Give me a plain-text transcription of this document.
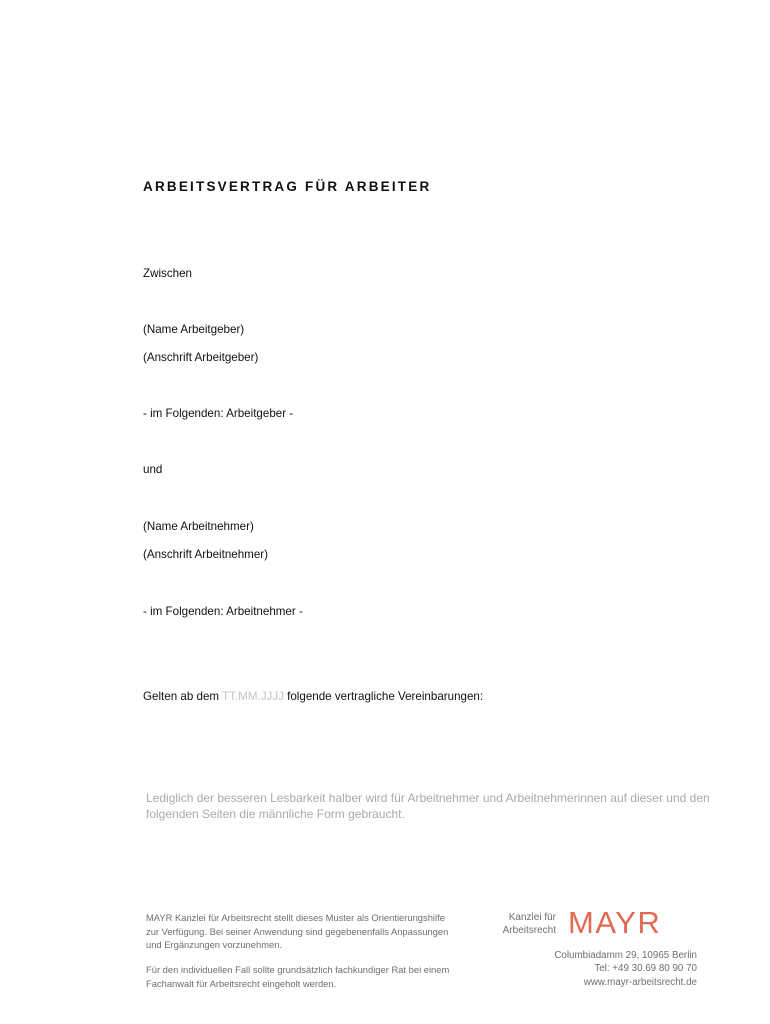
ARBEITSVERTRAG FÜR ARBEITER
Zwischen
(Name Arbeitgeber)
(Anschrift Arbeitgeber)
- im Folgenden: Arbeitgeber -
und
(Name Arbeitnehmer)
(Anschrift Arbeitnehmer)
- im Folgenden: Arbeitnehmer -
Gelten ab dem TT.MM.JJJJ folgende vertragliche Vereinbarungen:
Lediglich der besseren Lesbarkeit halber wird für Arbeitnehmer und Arbeitnehmerinnen auf dieser und den folgenden Seiten die männliche Form gebraucht.
MAYR Kanzlei für Arbeitsrecht stellt dieses Muster als Orientierungshilfe zur Verfügung. Bei seiner Anwendung sind gegebenenfalls Anpassungen und Ergänzungen vorzunehmen.
Für den individuellen Fall sollte grundsätzlich fachkundiger Rat bei einem Fachanwalt für Arbeitsrecht eingeholt werden.
Kanzlei für
Arbeitsrecht MAYR
Columbiadamm 29, 10965 Berlin
Tel: +49 30.69 80 90 70
www.mayr-arbeitsrecht.de
